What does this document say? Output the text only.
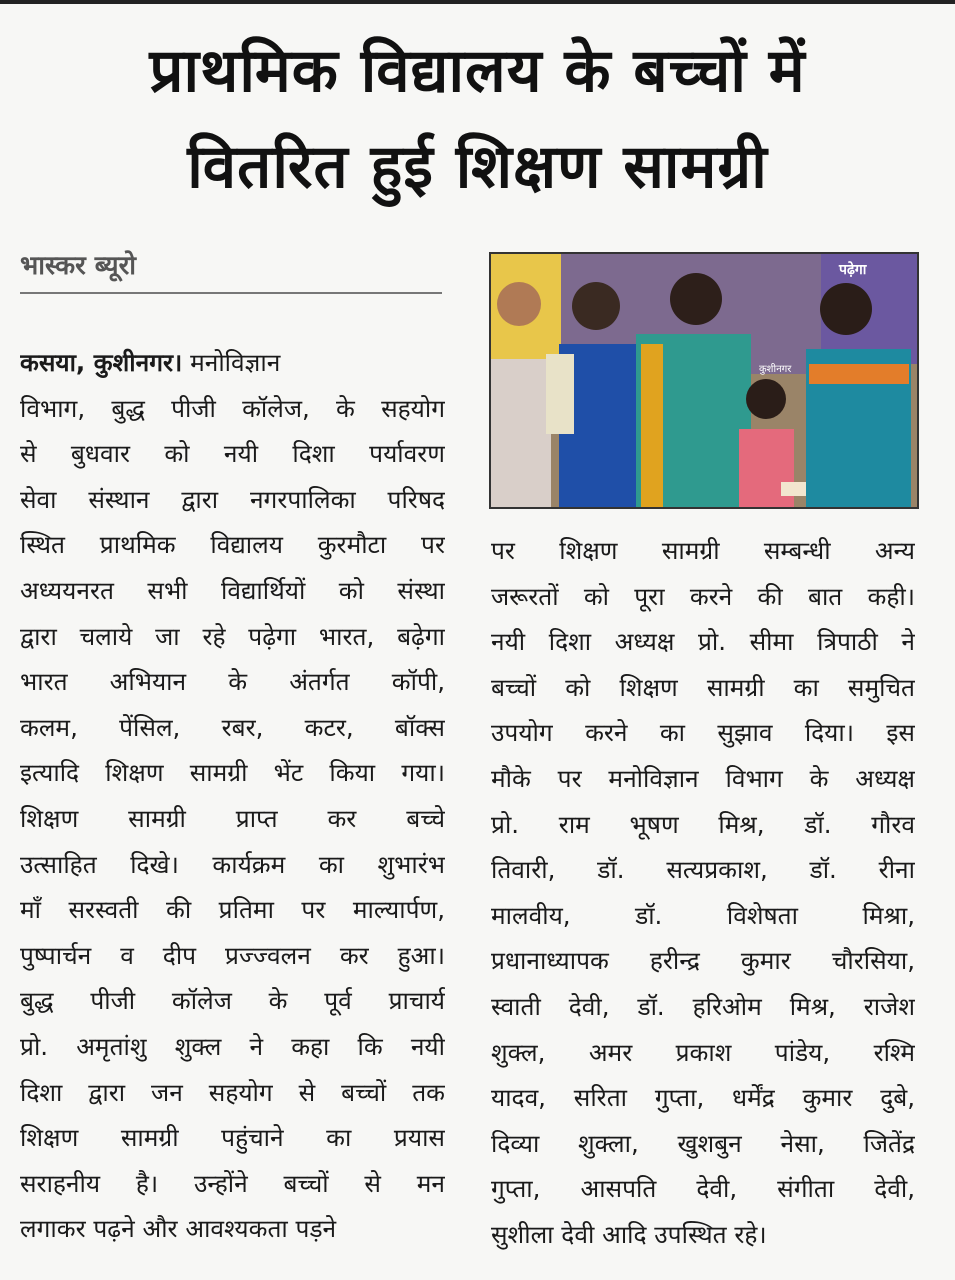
प्राथमिक विद्यालय के बच्चों में
वितरित हुई शिक्षण सामग्री
भास्कर ब्यूरो
कसया, कुशीनगर। मनोविज्ञान
विभाग, बुद्ध पीजी कॉलेज, के सहयोग
से बुधवार को नयी दिशा पर्यावरण
सेवा संस्थान द्वारा नगरपालिका परिषद
स्थित प्राथमिक विद्यालय कुरमौटा पर
अध्ययनरत सभी विद्यार्थियों को संस्था
द्वारा चलाये जा रहे पढ़ेगा भारत, बढ़ेगा
भारत अभियान के अंतर्गत कॉपी,
कलम, पेंसिल, रबर, कटर, बॉक्स
इत्यादि शिक्षण सामग्री भेंट किया गया।
शिक्षण सामग्री प्राप्त कर बच्चे
उत्साहित दिखे। कार्यक्रम का शुभारंभ
माँ सरस्वती की प्रतिमा पर माल्यार्पण,
पुष्पार्चन व दीप प्रज्ज्वलन कर हुआ।
बुद्ध पीजी कॉलेज के पूर्व प्राचार्य
प्रो. अमृतांशु शुक्ल ने कहा कि नयी
दिशा द्वारा जन सहयोग से बच्चों तक
शिक्षण सामग्री पहुंचाने का प्रयास
सराहनीय है। उन्होंने बच्चों से मन
लगाकर पढ़ने और आवश्यकता पड़ने
पढ़ेगा
कुशीनगर
पर शिक्षण सामग्री सम्बन्धी अन्य
जरूरतों को पूरा करने की बात कही।
नयी दिशा अध्यक्ष प्रो. सीमा त्रिपाठी ने
बच्चों को शिक्षण सामग्री का समुचित
उपयोग करने का सुझाव दिया। इस
मौके पर मनोविज्ञान विभाग के अध्यक्ष
प्रो. राम भूषण मिश्र, डॉ. गौरव
तिवारी, डॉ. सत्यप्रकाश, डॉ. रीना
मालवीय, डॉ. विशेषता मिश्रा,
प्रधानाध्यापक हरीन्द्र कुमार चौरसिया,
स्वाती देवी, डॉ. हरिओम मिश्र, राजेश
शुक्ल, अमर प्रकाश पांडेय, रश्मि
यादव, सरिता गुप्ता, धर्मेंद्र कुमार दुबे,
दिव्या शुक्ला, खुशबुन नेसा, जितेंद्र
गुप्ता, आसपति देवी, संगीता देवी,
सुशीला देवी आदि उपस्थित रहे।
